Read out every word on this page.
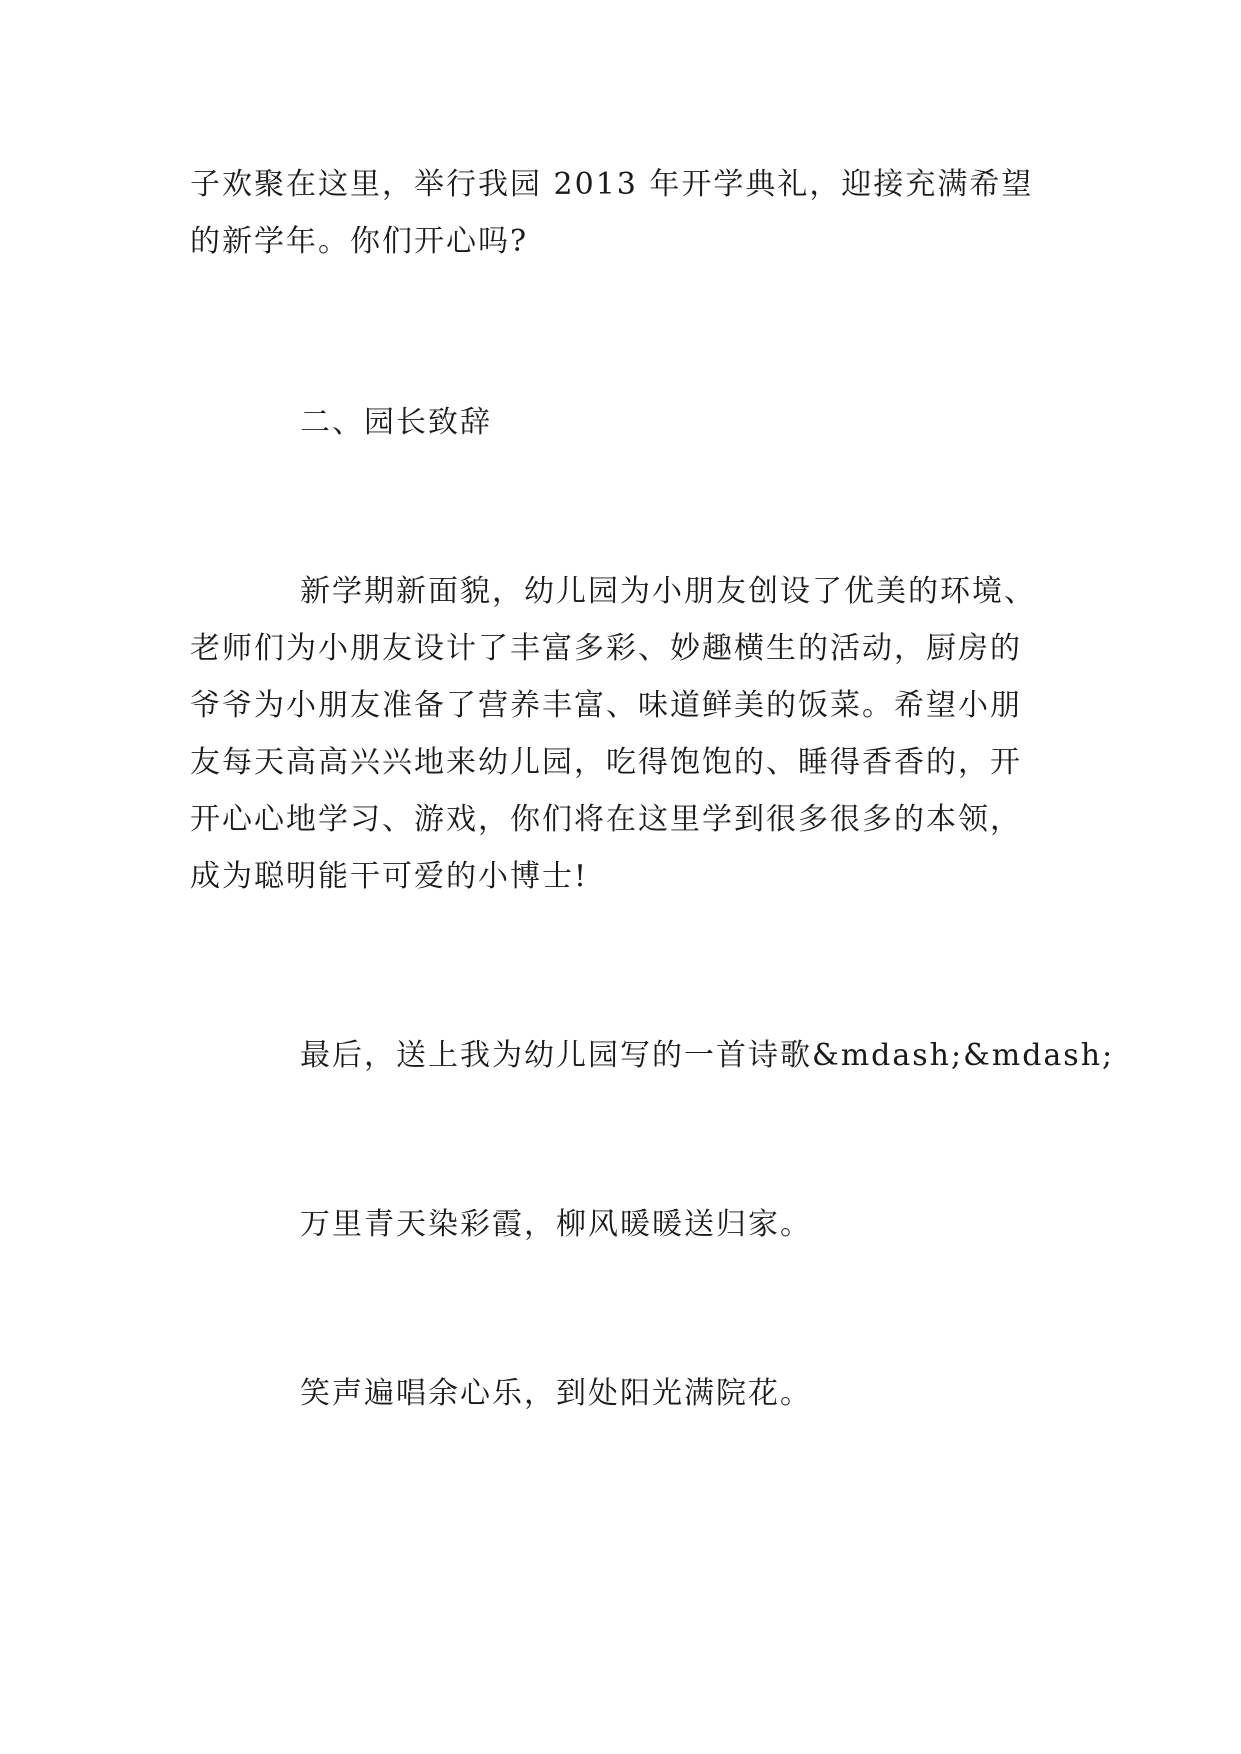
子欢聚在这里，举行我园 2013 年开学典礼，迎接充满希望
的新学年。你们开心吗?

二、园长致辞

新学期新面貌，幼儿园为小朋友创设了优美的环境、
老师们为小朋友设计了丰富多彩、妙趣横生的活动，厨房的
爷爷为小朋友准备了营养丰富、味道鲜美的饭菜。希望小朋
友每天高高兴兴地来幼儿园，吃得饱饱的、睡得香香的，开
开心心地学习、游戏，你们将在这里学到很多很多的本领，
成为聪明能干可爱的小博士!

最后，送上我为幼儿园写的一首诗歌&mdash;&mdash;

万里青天染彩霞，柳风暖暖送归家。

笑声遍唱余心乐，到处阳光满院花。
